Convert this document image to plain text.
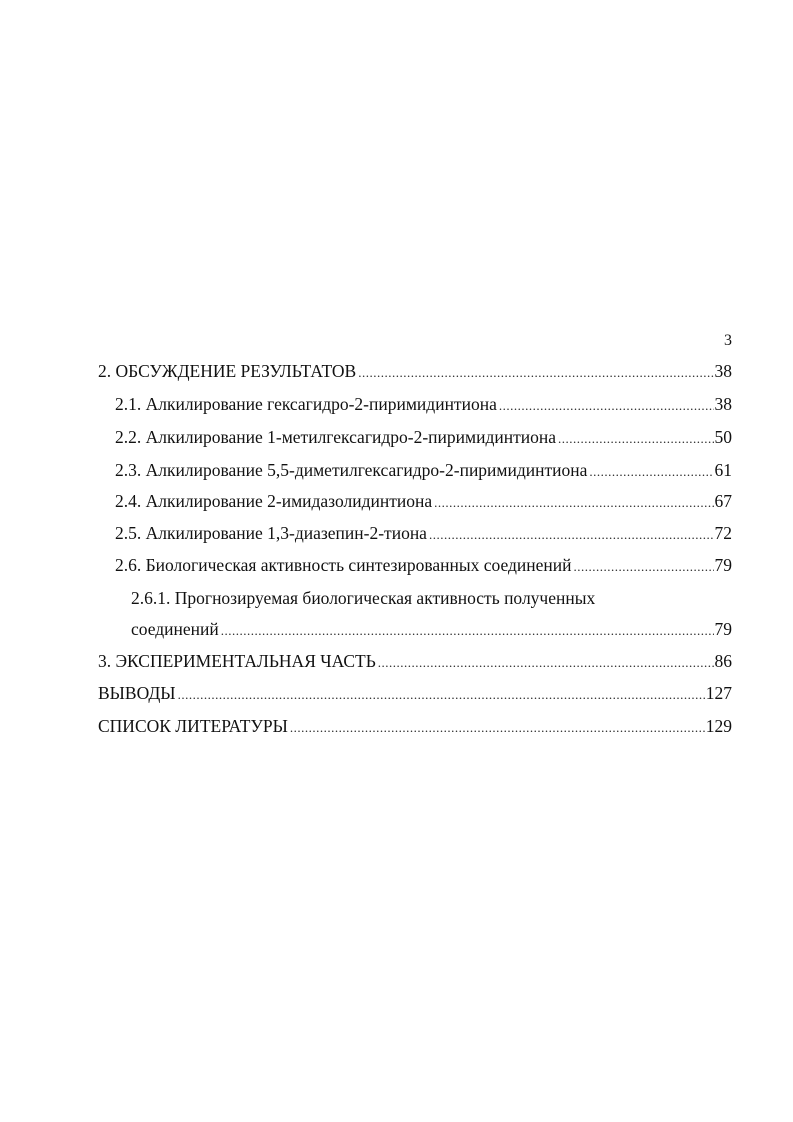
3
2. ОБСУЖДЕНИЕ РЕЗУЛЬТАТОВ .....	38
2.1. Алкилирование гексагидро-2-пиримидинтиона .....	38
2.2. Алкилирование 1-метилгексагидро-2-пиримидинтиона .....	50
2.3. Алкилирование 5,5-диметилгексагидро-2-пиримидинтиона .....	61
2.4. Алкилирование 2-имидазолидинтиона .....	67
2.5. Алкилирование 1,3-диазепин-2-тиона .....	72
2.6. Биологическая активность синтезированных соединений .....	79
2.6.1. Прогнозируемая биологическая активность полученных
соединений .....	79
3. ЭКСПЕРИМЕНТАЛЬНАЯ ЧАСТЬ .....	86
ВЫВОДЫ .....	127
СПИСОК ЛИТЕРАТУРЫ .....	129
